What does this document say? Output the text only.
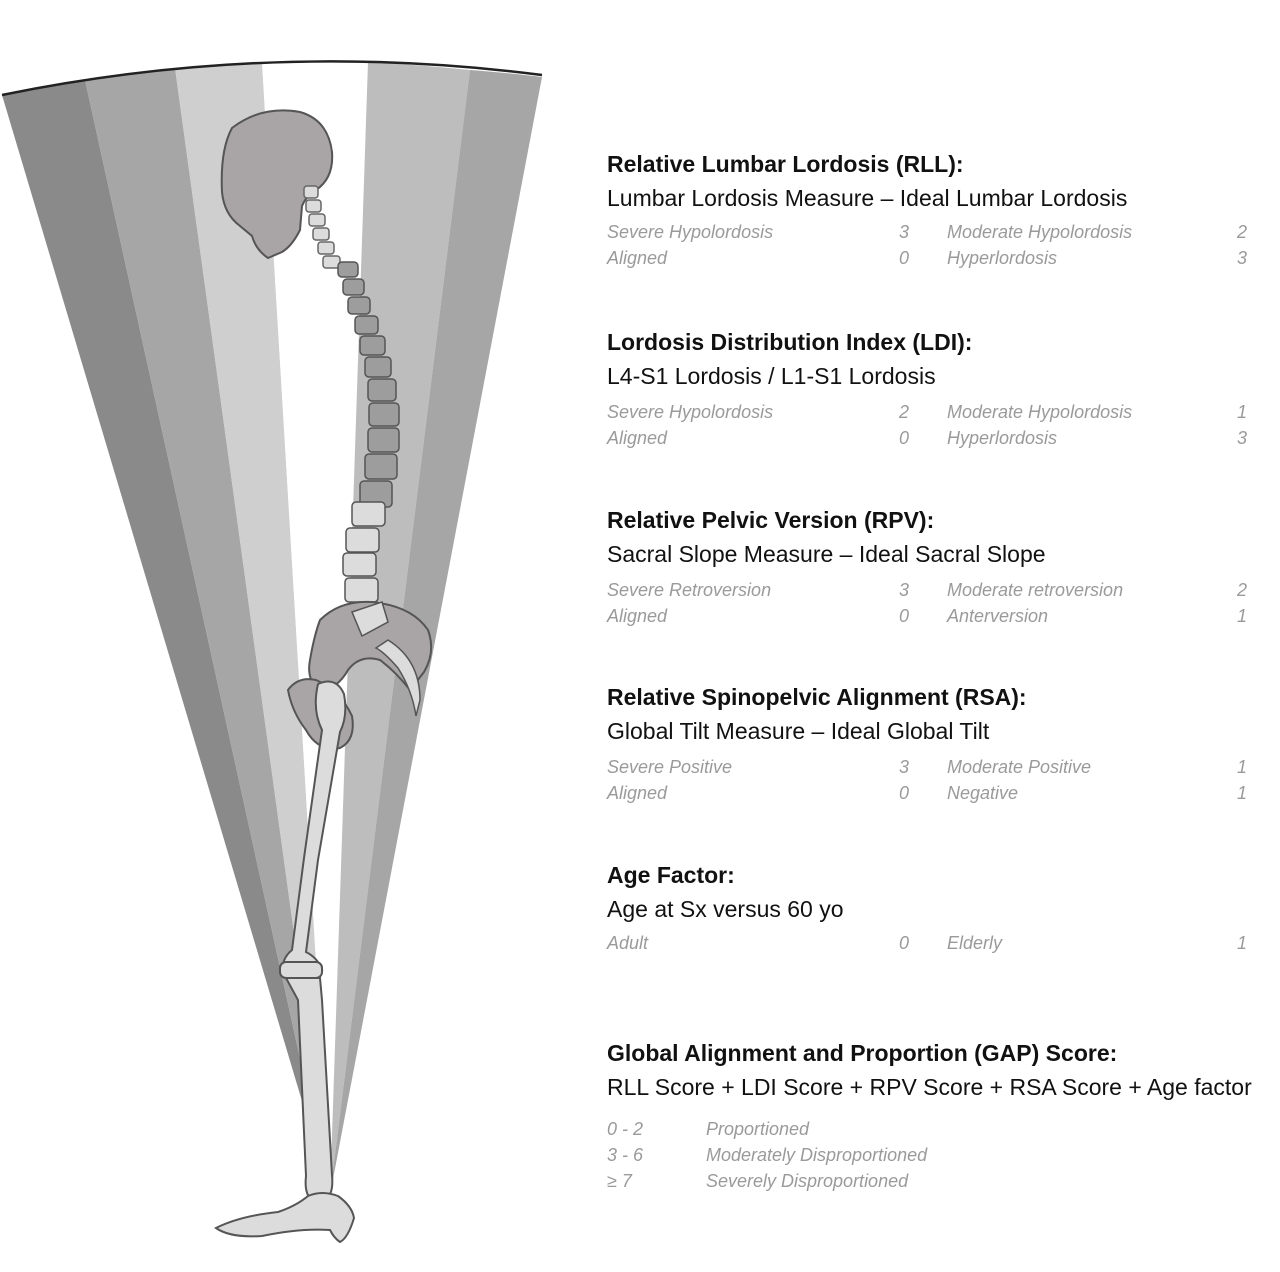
Relative Lumbar Lordosis (RLL):
Lumbar Lordosis Measure – Ideal Lumbar Lordosis
Severe Hypolordosis	3 Moderate Hypolordosis	2
Aligned	0 Hyperlordosis	3
Lordosis Distribution Index (LDI):
L4-S1 Lordosis / L1-S1 Lordosis
Severe Hypolordosis	2 Moderate Hypolordosis	1
Aligned	0 Hyperlordosis	3
Relative Pelvic Version (RPV):
Sacral Slope Measure – Ideal Sacral Slope
Severe Retroversion	3 Moderate retroversion	2
Aligned	0 Anterversion	1
Relative Spinopelvic Alignment (RSA):
Global Tilt Measure – Ideal Global Tilt
Severe Positive	3 Moderate Positive	1
Aligned	0 Negative	1
Age Factor:
Age at Sx versus 60 yo
Adult	0 Elderly	1
Global Alignment and Proportion (GAP) Score:
RLL Score + LDI Score + RPV Score + RSA Score + Age factor
0 - 2	Proportioned
3 - 6	Moderately Disproportioned
≥ 7	Severely Disproportioned
